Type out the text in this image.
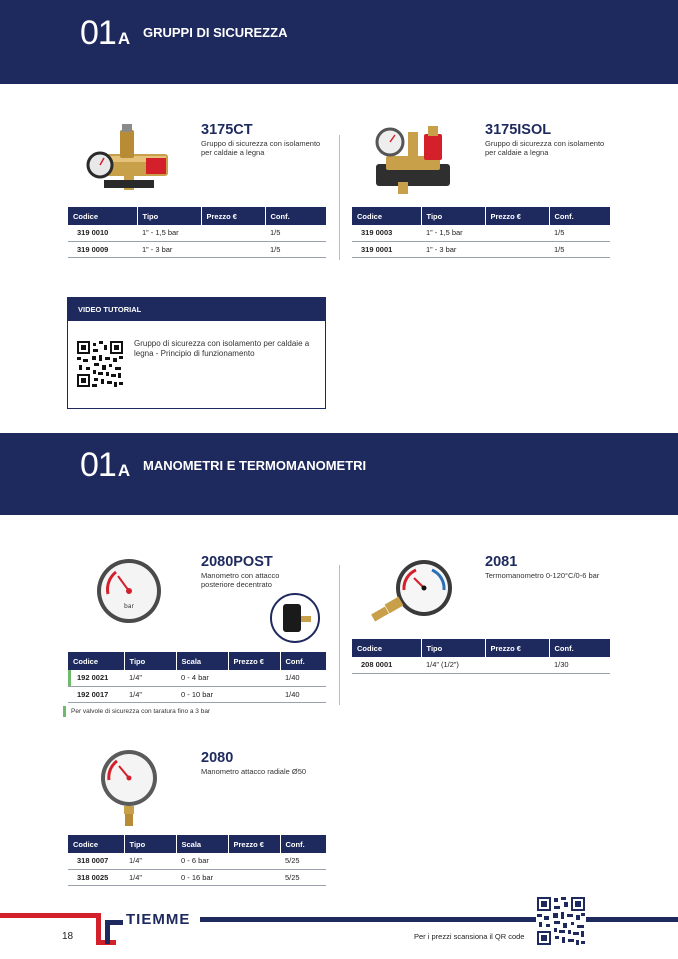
01 A GRUPPI DI SICUREZZA
3175CT
Gruppo di sicurezza con isolamento per caldaie a legna
Codice	Tipo	Prezzo €	Conf.
319 0010	1” - 1,5 bar		1/5
319 0009	1” - 3 bar		1/5
3175ISOL
Gruppo di sicurezza con isolamento per caldaie a legna
Codice	Tipo	Prezzo €	Conf.
319 0003	1” - 1,5 bar		1/5
319 0001	1” - 3 bar		1/5
VIDEO TUTORIAL
Gruppo di sicurezza con isolamento per caldaie a legna - Principio di funzionamento
01 A MANOMETRI E TERMOMANOMETRI
bar
2080POST
Manometro con attacco posteriore decentrato
Codice	Tipo	Scala	Prezzo €	Conf.
192 0021	1/4”	0 - 4 bar		1/40
192 0017	1/4”	0 - 10 bar		1/40
Per valvole di sicurezza con taratura fino a 3 bar
2081
Termomanometro 0-120°C/0-6 bar
Codice	Tipo	Prezzo €	Conf.
208 0001	1/4” (1/2”)		1/30
2080
Manometro attacco radiale Ø50
Codice	Tipo	Scala	Prezzo €	Conf.
318 0007	1/4”	0 - 6 bar		5/25
318 0025	1/4”	0 - 16 bar		5/25
TIEMME
18	Per i prezzi scansiona il QR code
